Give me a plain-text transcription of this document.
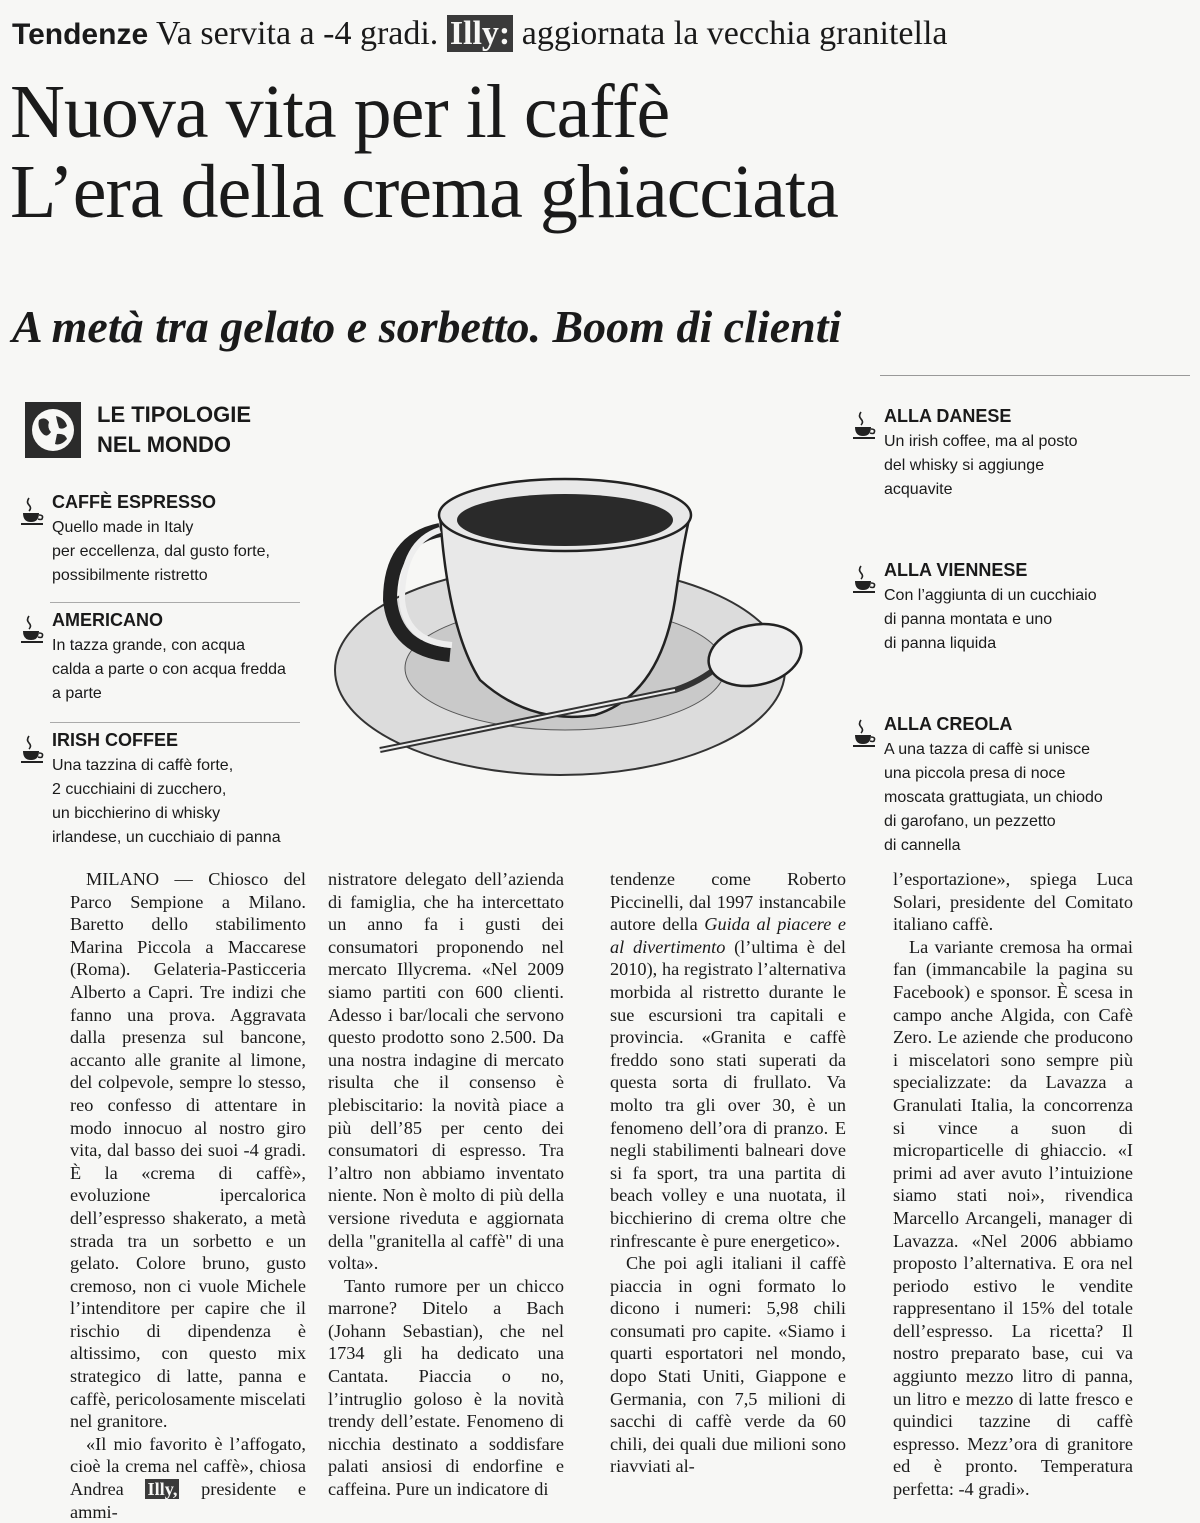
Tendenze Va servita a -4 gradi. Illy: aggiornata la vecchia granitella
Nuova vita per il caffè
L’era della crema ghiacciata
A metà tra gelato e sorbetto. Boom di clienti
LE TIPOLOGIE
NEL MONDO
CAFFÈ ESPRESSO

Quello made in Italy
per eccellenza, dal gusto forte,
possibilmente ristretto

AMERICANO

In tazza grande, con acqua
calda a parte o con acqua fredda
a parte

IRISH COFFEE

Una tazzina di caffè forte,
2 cucchiaini di zucchero,
un bicchierino di whisky
irlandese, un cucchiaio di panna

ALLA DANESE

Un irish coffee, ma al posto
del whisky si aggiunge
acquavite

ALLA VIENNESE

Con l’aggiunta di un cucchiaio
di panna montata e uno
di panna liquida

ALLA CREOLA

A una tazza di caffè si unisce
una piccola presa di noce
moscata grattugiata, un chiodo
di garofano, un pezzetto
di cannella

MILANO — Chiosco del Parco Sempione a Milano. Baretto dello stabilimento Marina Piccola a Maccarese (Roma). Gelateria-Pasticceria Alberto a Capri. Tre indizi che fanno una prova. Aggravata dalla presenza sul bancone, accanto alle granite al limone, del colpevole, sempre lo stesso, reo confesso di attentare in modo innocuo al nostro giro vita, dal basso dei suoi -4 gradi. È la «crema di caffè», evoluzione ipercalorica dell’espresso shakerato, a metà strada tra un sorbetto e un gelato. Colore bruno, gusto cremoso, non ci vuole Michele l’intenditore per capire che il rischio di dipendenza è altissimo, con questo mix strategico di latte, panna e caffè, pericolosamente miscelati nel granitore.

«Il mio favorito è l’affogato, cioè la crema nel caffè», chiosa Andrea Illy, presidente e ammi-

nistratore delegato dell’azienda di famiglia, che ha intercettato un anno fa i gusti dei consumatori proponendo nel mercato Illycrema. «Nel 2009 siamo partiti con 600 clienti. Adesso i bar/locali che servono questo prodotto sono 2.500. Da una nostra indagine di mercato risulta che il consenso è plebiscitario: la novità piace a più dell’85 per cento dei consumatori di espresso. Tra l’altro non abbiamo inventato niente. Non è molto di più della versione riveduta e aggiornata della "granitella al caffè" di una volta».

Tanto rumore per un chicco marrone? Ditelo a Bach (Johann Sebastian), che nel 1734 gli ha dedicato una Cantata. Piaccia o no, l’intruglio goloso è la novità trendy dell’estate. Fenomeno di nicchia destinato a soddisfare palati ansiosi di endorfine e caffeina. Pure un indicatore di

tendenze come Roberto Piccinelli, dal 1997 instancabile autore della Guida al piacere e al divertimento (l’ultima è del 2010), ha registrato l’alternativa morbida al ristretto durante le sue escursioni tra capitali e provincia. «Granita e caffè freddo sono stati superati da questa sorta di frullato. Va molto tra gli over 30, è un fenomeno dell’ora di pranzo. E negli stabilimenti balneari dove si fa sport, tra una partita di beach volley e una nuotata, il bicchierino di crema oltre che rinfrescante è pure energetico».

Che poi agli italiani il caffè piaccia in ogni formato lo dicono i numeri: 5,98 chili consumati pro capite. «Siamo i quarti esportatori nel mondo, dopo Stati Uniti, Giappone e Germania, con 7,5 milioni di sacchi di caffè verde da 60 chili, dei quali due milioni sono riavviati al-

l’esportazione», spiega Luca Solari, presidente del Comitato italiano caffè.

La variante cremosa ha ormai fan (immancabile la pagina su Facebook) e sponsor. È scesa in campo anche Algida, con Cafè Zero. Le aziende che producono i miscelatori sono sempre più specializzate: da Lavazza a Granulati Italia, la concorrenza si vince a suon di microparticelle di ghiaccio. «I primi ad aver avuto l’intuizione siamo stati noi», rivendica Marcello Arcangeli, manager di Lavazza. «Nel 2006 abbiamo proposto l’alternativa. E ora nel periodo estivo le vendite rappresentano il 15% del totale dell’espresso. La ricetta? Il nostro preparato base, cui va aggiunto mezzo litro di panna, un litro e mezzo di latte fresco e quindici tazzine di caffè espresso. Mezz’ora di granitore ed è pronto. Temperatura perfetta: -4 gradi».
